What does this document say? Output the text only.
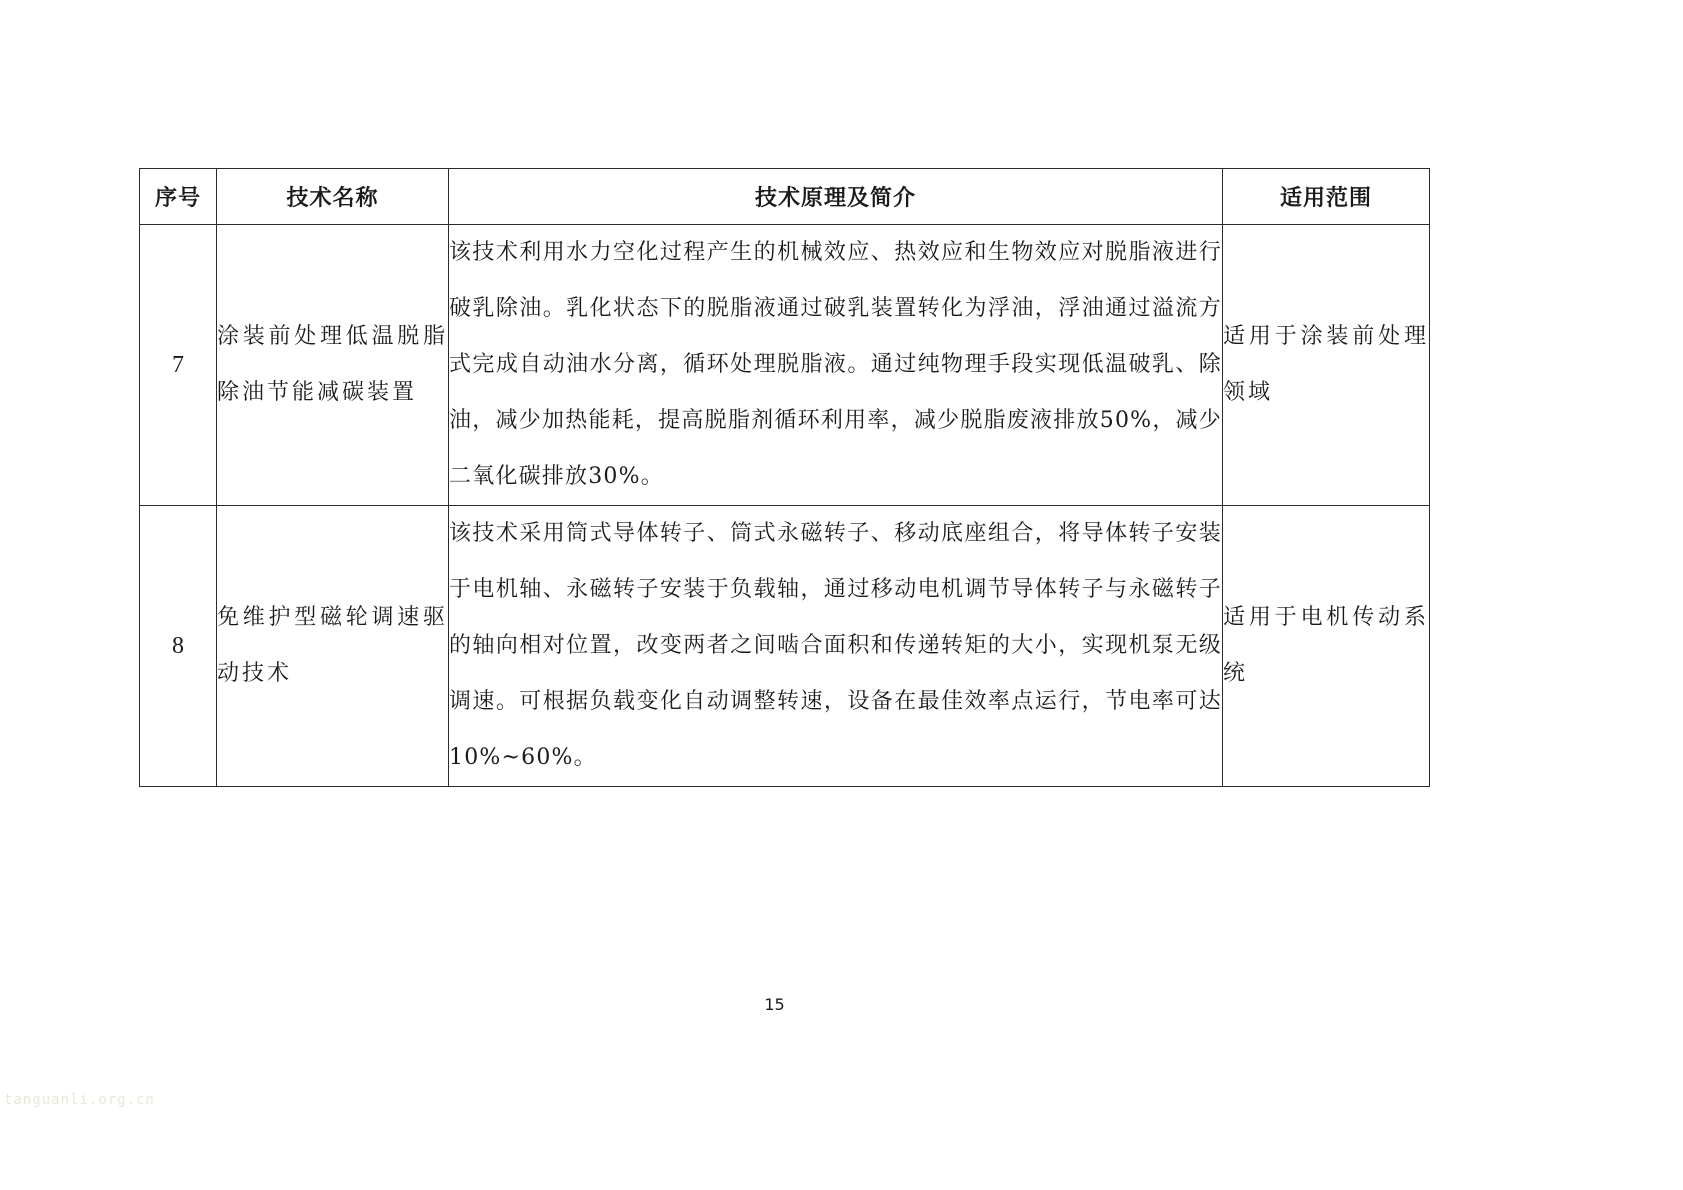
序号	技术名称	技术原理及简介	适用范围
7	涂装前处理低温脱脂除油节能减碳装置	该技术利用水力空化过程产生的机械效应、热效应和生物效应对脱脂液进行破乳除油。乳化状态下的脱脂液通过破乳装置转化为浮油，浮油通过溢流方式完成自动油水分离，循环处理脱脂液。通过纯物理手段实现低温破乳、除油，减少加热能耗，提高脱脂剂循环利用率，减少脱脂废液排放50%，减少二氧化碳排放30%。	适用于涂装前处理领域
8	免维护型磁轮调速驱动技术	该技术采用筒式导体转子、筒式永磁转子、移动底座组合，将导体转子安装于电机轴、永磁转子安装于负载轴，通过移动电机调节导体转子与永磁转子的轴向相对位置，改变两者之间啮合面积和传递转矩的大小，实现机泵无级调速。可根据负载变化自动调整转速，设备在最佳效率点运行，节电率可达10%~60%。	适用于电机传动系统
15
tanguanli.org.cn
